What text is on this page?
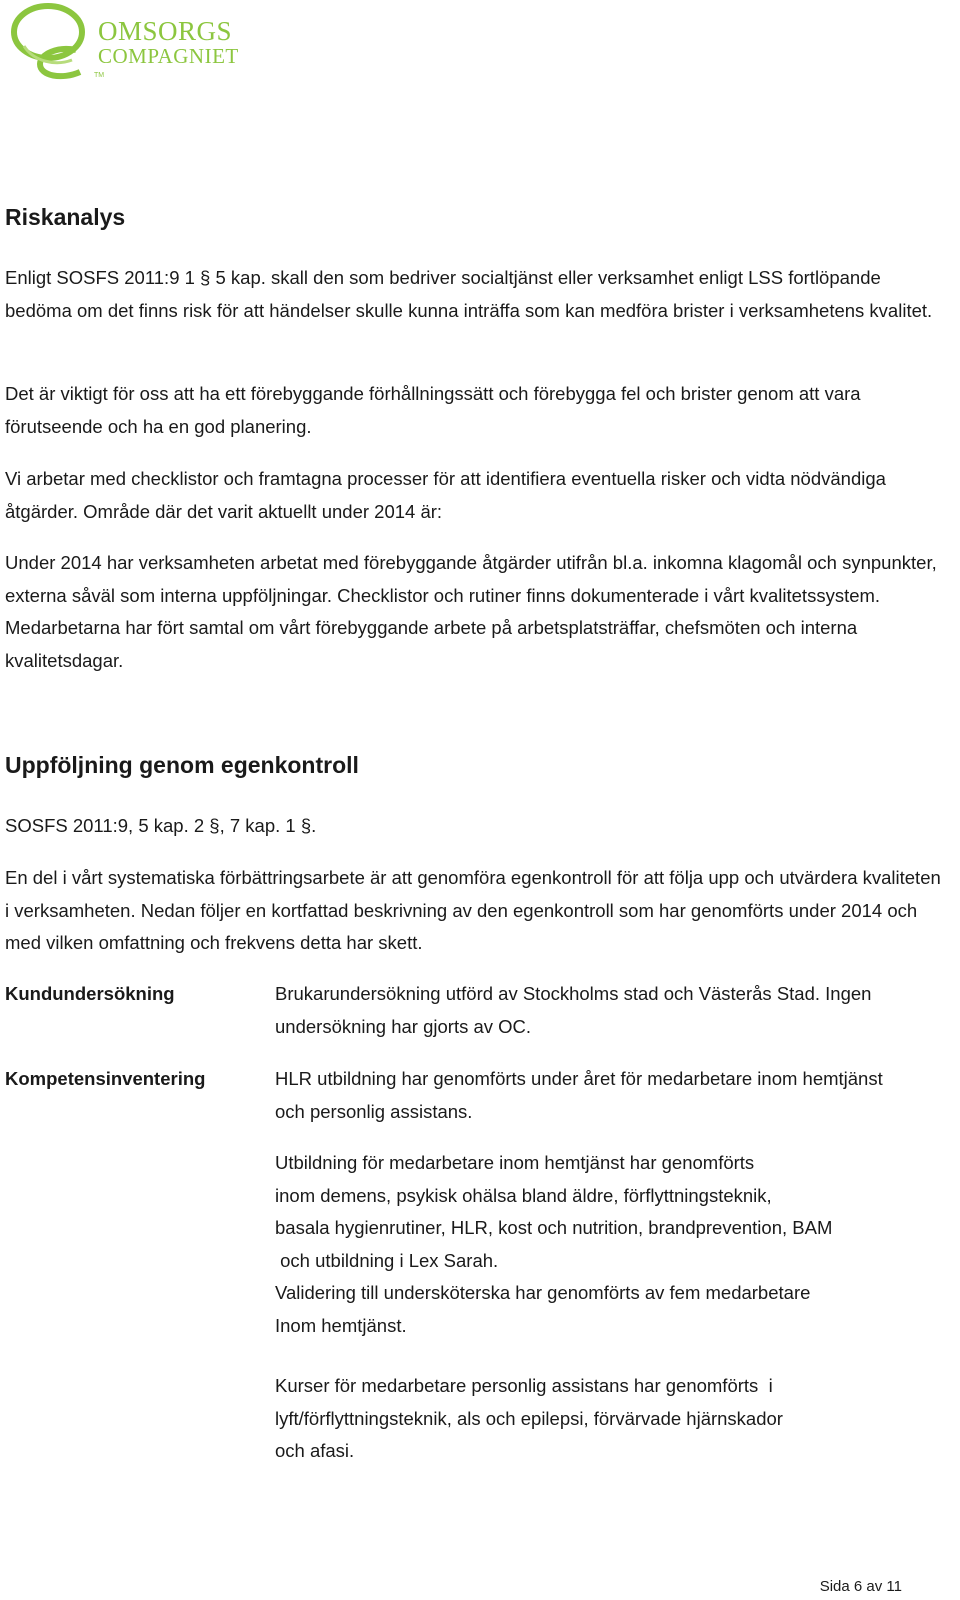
OMSORGS
COMPAGNIET
TM
Riskanalys

Enligt SOSFS 2011:9 1 § 5 kap. skall den som bedriver socialtjänst eller verksamhet enligt LSS fortlöpande bedöma om det finns risk för att händelser skulle kunna inträffa som kan medföra brister i verksamhetens kvalitet.

Det är viktigt för oss att ha ett förebyggande förhållningssätt och förebygga fel och brister genom att vara förutseende och ha en god planering.

Vi arbetar med checklistor och framtagna processer för att identifiera eventuella risker och vidta nödvändiga åtgärder. Område där det varit aktuellt under 2014 är:

Under 2014 har verksamheten arbetat med förebyggande åtgärder utifrån bl.a. inkomna klagomål och synpunkter, externa såväl som interna uppföljningar. Checklistor och rutiner finns dokumenterade i vårt kvalitetssystem. Medarbetarna har fört samtal om vårt förebyggande arbete på arbetsplatsträffar, chefsmöten och interna kvalitetsdagar.

Uppföljning genom egenkontroll

SOSFS 2011:9, 5 kap. 2 §, 7 kap. 1 §.

En del i vårt systematiska förbättringsarbete är att genomföra egenkontroll för att följa upp och utvärdera kvaliteten i verksamheten. Nedan följer en kortfattad beskrivning av den egenkontroll som har genomförts under 2014 och med vilken omfattning och frekvens detta har skett.

Kundundersökning	Brukarundersökning utförd av Stockholms stad och Västerås Stad. Ingen undersökning har gjorts av OC.

Kompetensinventering	HLR utbildning har genomförts under året för medarbetare inom hemtjänst och personlig assistans.

Utbildning för medarbetare inom hemtjänst har genomförts
inom demens, psykisk ohälsa bland äldre, förflyttningsteknik,
basala hygienrutiner, HLR, kost och nutrition, brandprevention, BAM
och utbildning i Lex Sarah.
Validering till undersköterska har genomförts av fem medarbetare
Inom hemtjänst.
Kurser för medarbetare personlig assistans har genomförts  i
lyft/förflyttningsteknik, als och epilepsi, förvärvade hjärnskador
och afasi.

Sida 6 av 11
